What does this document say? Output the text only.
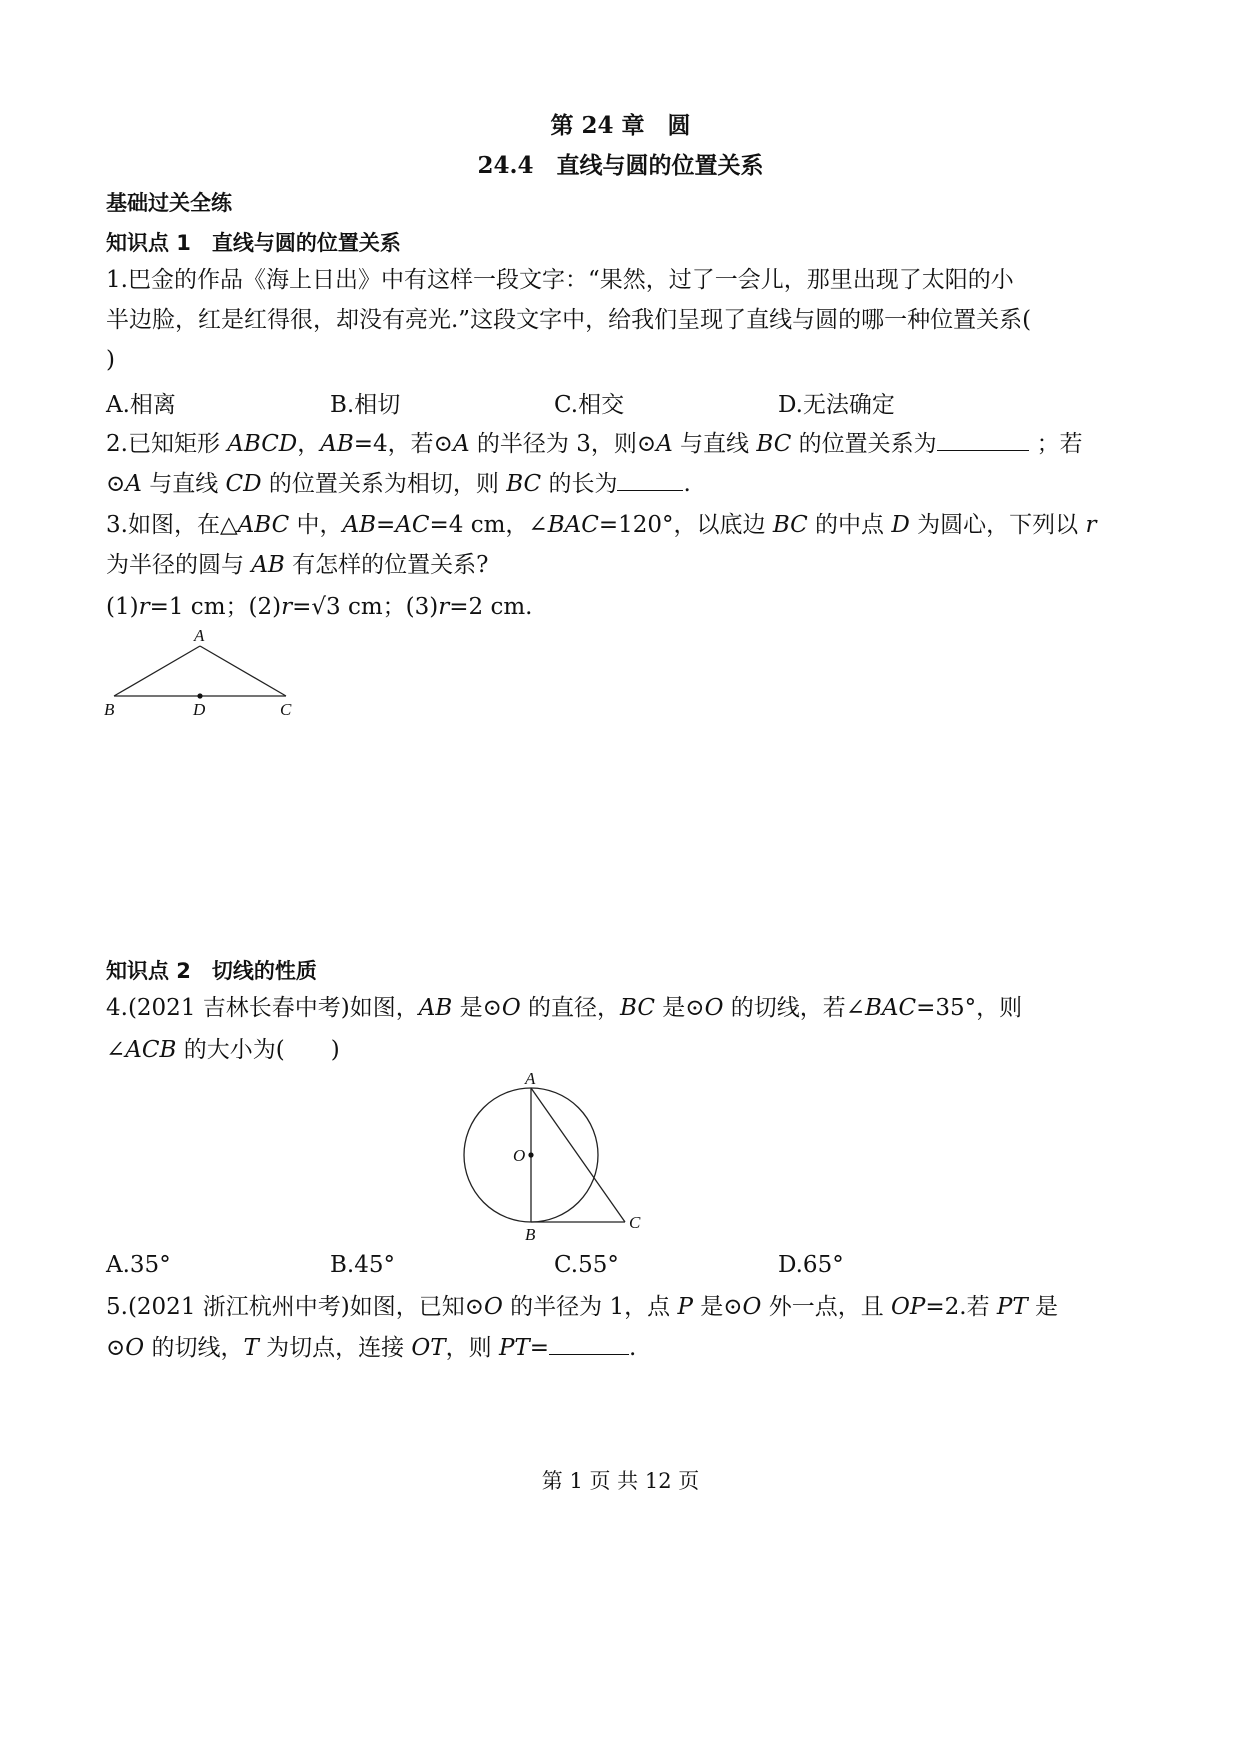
第 24 章　圆
24.4　直线与圆的位置关系
基础过关全练
知识点 1　直线与圆的位置关系
1.巴金的作品《海上日出》中有这样一段文字：“果然，过了一会儿，那里出现了太阳的小
半边脸，红是红得很，却没有亮光.”这段文字中，给我们呈现了直线与圆的哪一种位置关系(
)
A.相离	B.相切	C.相交	D.无法确定
2.已知矩形 ABCD，AB=4，若⊙A 的半径为 3，则⊙A 与直线 BC 的位置关系为	；若
⊙A 与直线 CD 的位置关系为相切，则 BC 的长为	.
3.如图，在△ABC 中，AB=AC=4 cm，∠BAC=120°，以底边 BC 的中点 D 为圆心，下列以 r
为半径的圆与 AB 有怎样的位置关系?
(1)r=1 cm；(2)r=√3 cm；(3)r=2 cm.
A
B	D	C
知识点 2　切线的性质
4.(2021 吉林长春中考)如图，AB 是⊙O 的直径，BC 是⊙O 的切线，若∠BAC=35°，则
∠ACB 的大小为(　　)
A
O
B
C
A.35°	B.45°	C.55°	D.65°
5.(2021 浙江杭州中考)如图，已知⊙O 的半径为 1，点 P 是⊙O 外一点，且 OP=2.若 PT 是
⊙O 的切线，T 为切点，连接 OT，则 PT=	.
第 1 页 共 12 页
